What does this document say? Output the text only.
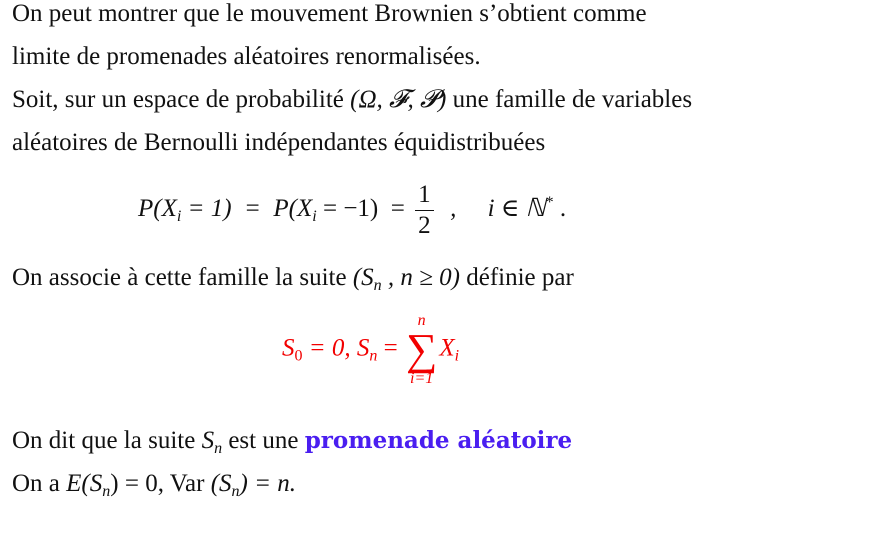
On peut montrer que le mouvement Brownien s’obtient comme
limite de promenades aléatoires renormalisées.
Soit, sur un espace de probabilité (Ω, 𝓕, 𝓟) une famille de variables
aléatoires de Bernoulli indépendantes équidistribuées
$P(X_i = 1) = P(X_i = -1) = \frac{1}{2}$ ,     i ∈ ℕ* .
On associe à cette famille la suite ($S_n$ , n ≥ 0) définie par
$S_0 = 0$, $S_n$ =
n
∑
i=1
$X_i$
On dit que la suite $S_n$ est une promenade aléatoire
On a $E(S_n) = 0$, Var $(S_n) = n$.
